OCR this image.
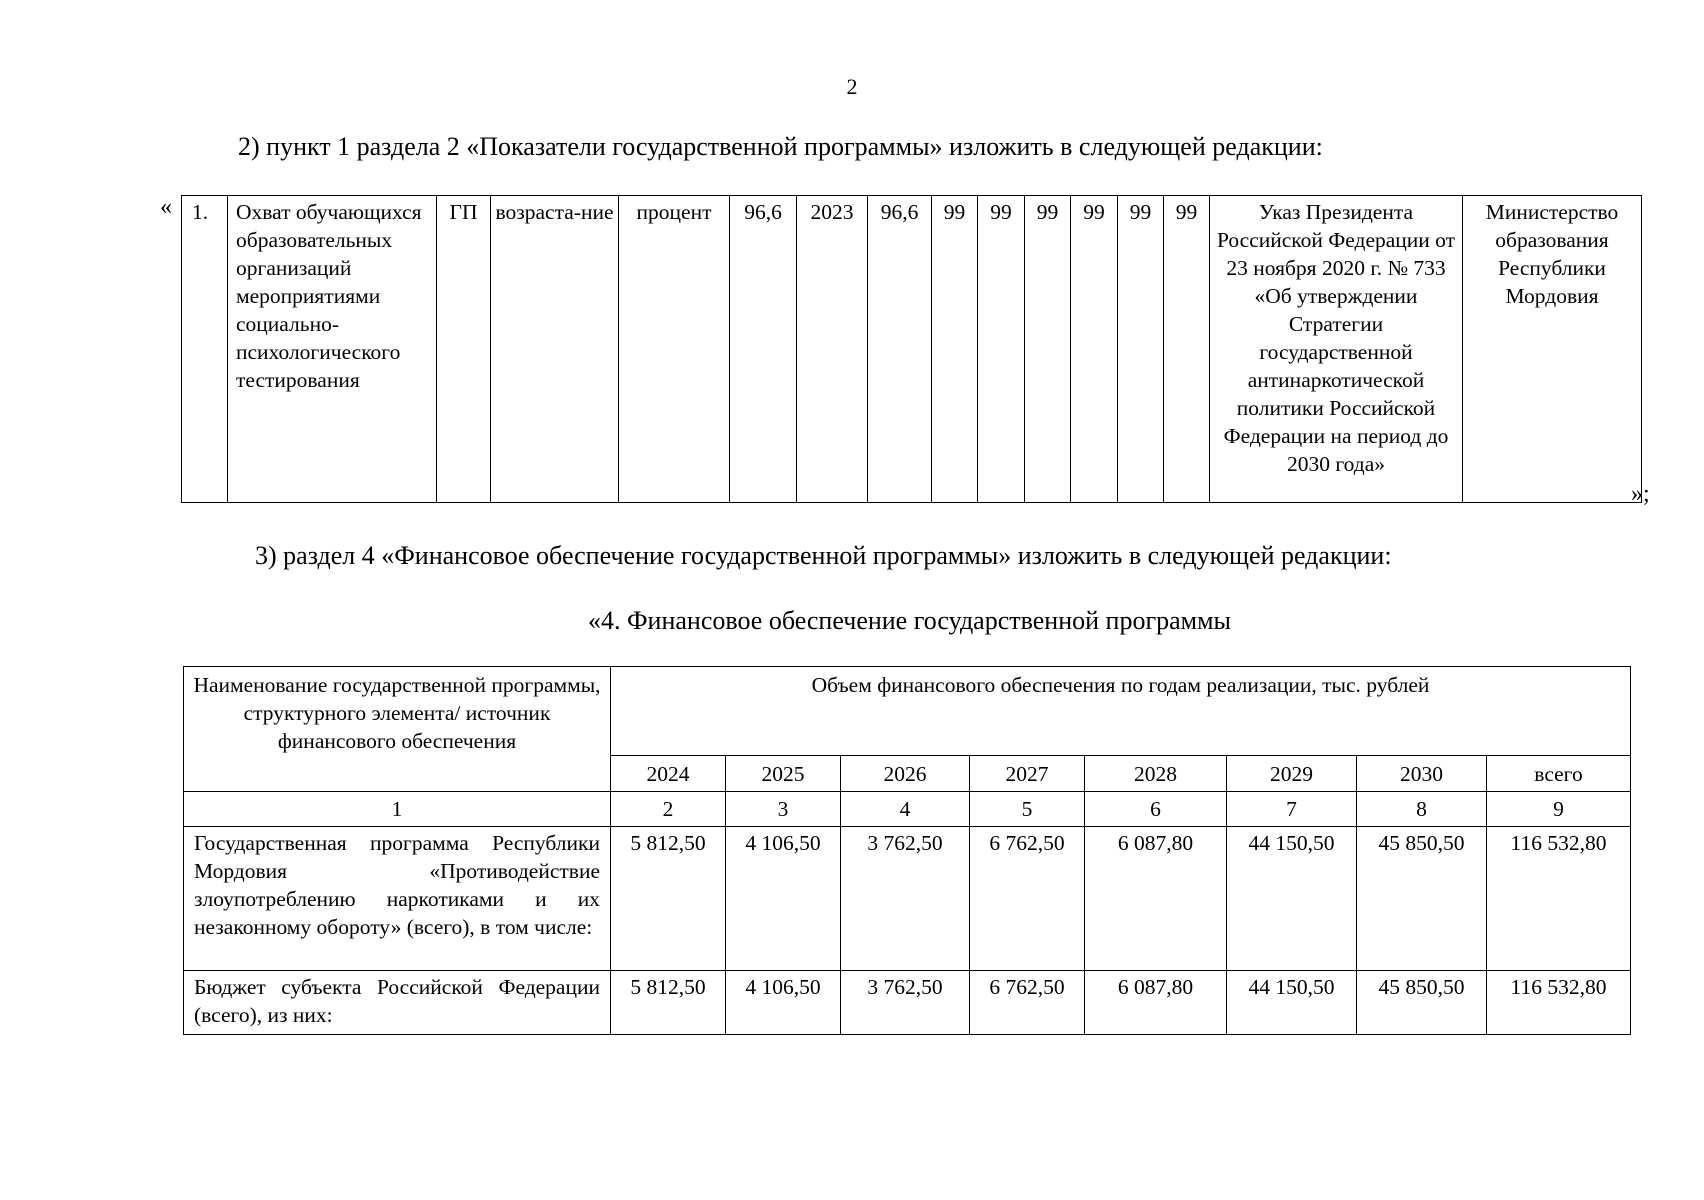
2
2) пункт 1 раздела 2 «Показатели государственной программы» изложить в следующей редакции:
« 1.	Охват обучающихся образовательных организаций мероприятиями социально-психологического тестирования	ГП	возраста-ние	процент	96,6	2023	96,6	99	99	99	99	99	99	Указ Президента Российской Федерации от 23 ноября 2020 г. № 733 «Об утверждении Стратегии государственной антинаркотической политики Российской Федерации на период до 2030 года»	Министерство образования Республики Мордовия
»;
3) раздел 4 «Финансовое обеспечение государственной программы» изложить в следующей редакции:
«4. Финансовое обеспечение государственной программы
Наименование государственной программы, структурного элемента/ источник финансового обеспечения	Объем финансового обеспечения по годам реализации, тыс. рублей							
	2024	2025	2026	2027	2028	2029	2030	всего
1	2	3	4	5	6	7	8	9
Государственная программа Республики Мордовия «Противодействие злоупотреблению наркотиками и их незаконному обороту» (всего), в том числе:	5 812,50	4 106,50	3 762,50	6 762,50	6 087,80	44 150,50	45 850,50	116 532,80
Бюджет субъекта Российской Федерации (всего), из них:	5 812,50	4 106,50	3 762,50	6 762,50	6 087,80	44 150,50	45 850,50	116 532,80
